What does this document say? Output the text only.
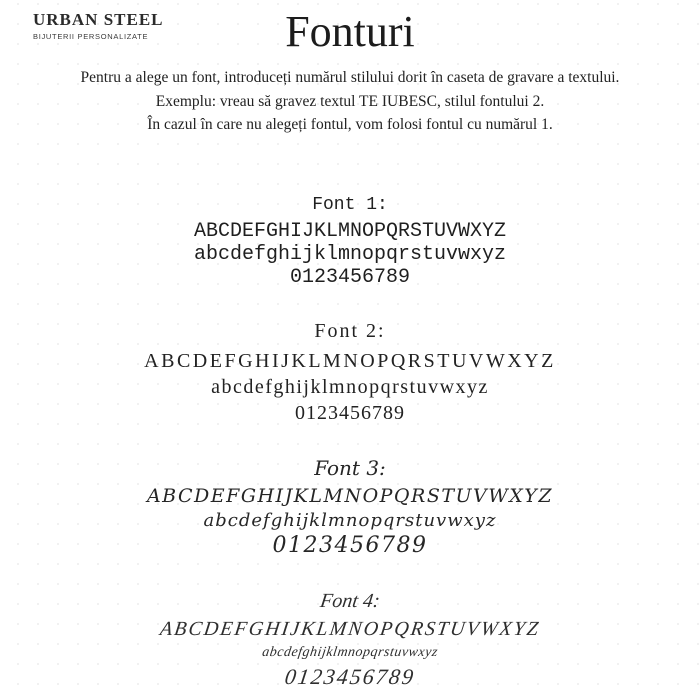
URBAN STEEL
BIJUTERII PERSONALIZATE	Fonturi
Pentru a alege un font, introduceți numărul stilului dorit în caseta de gravare a textului.
Exemplu: vreau să gravez textul TE IUBESC, stilul fontului 2.
În cazul în care nu alegeți fontul, vom folosi fontul cu numărul 1.
Font 1:
ABCDEFGHIJKLMNOPQRSTUVWXYZ
abcdefghijklmnopqrstuvwxyz
0123456789
Font 2:
ABCDEFGHIJKLMNOPQRSTUVWXYZ
abcdefghijklmnopqrstuvwxyz
0123456789
Font 3:
ABCDEFGHIJKLMNOPQRSTUVWXYZ
abcdefghijklmnopqrstuvwxyz
0123456789
Font 4:
ABCDEFGHIJKLMNOPQRSTUVWXYZ
abcdefghijklmnopqrstuvwxyz
0123456789
